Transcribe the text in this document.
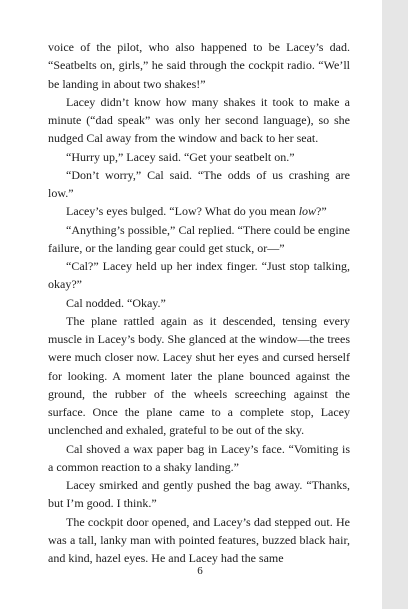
voice of the pilot, who also happened to be Lacey’s dad. “Seatbelts on, girls,” he said through the cockpit radio. “We’ll be landing in about two shakes!”

Lacey didn’t know how many shakes it took to make a minute (“dad speak” was only her second language), so she nudged Cal away from the window and back to her seat.

“Hurry up,” Lacey said. “Get your seatbelt on.”

“Don’t worry,” Cal said. “The odds of us crashing are low.”

Lacey’s eyes bulged. “Low? What do you mean low?”

“Anything’s possible,” Cal replied. “There could be engine failure, or the landing gear could get stuck, or—”

“Cal?” Lacey held up her index finger. “Just stop talking, okay?”

Cal nodded. “Okay.”

The plane rattled again as it descended, tensing every muscle in Lacey’s body. She glanced at the window—the trees were much closer now. Lacey shut her eyes and cursed herself for looking. A moment later the plane bounced against the ground, the rubber of the wheels screeching against the surface. Once the plane came to a complete stop, Lacey unclenched and exhaled, grateful to be out of the sky.

Cal shoved a wax paper bag in Lacey’s face. “Vomiting is a common reaction to a shaky landing.”

Lacey smirked and gently pushed the bag away. “Thanks, but I’m good. I think.”

The cockpit door opened, and Lacey’s dad stepped out. He was a tall, lanky man with pointed features, buzzed black hair, and kind, hazel eyes. He and Lacey had the same

6
